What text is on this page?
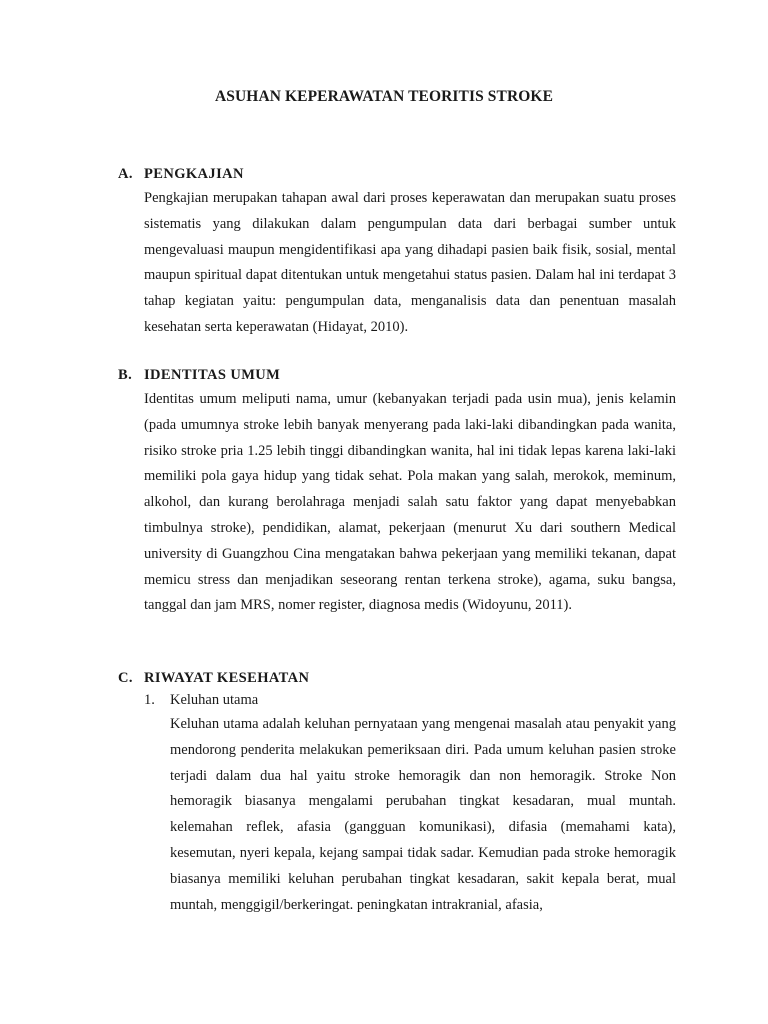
ASUHAN KEPERAWATAN TEORITIS STROKE
A. PENGKAJIAN
Pengkajian merupakan tahapan awal dari proses keperawatan dan merupakan suatu proses sistematis yang dilakukan dalam pengumpulan data dari berbagai sumber untuk mengevaluasi maupun mengidentifikasi apa yang dihadapi pasien baik fisik, sosial, mental maupun spiritual dapat ditentukan untuk mengetahui status pasien. Dalam hal ini terdapat 3 tahap kegiatan yaitu: pengumpulan data, menganalisis data dan penentuan masalah kesehatan serta keperawatan (Hidayat, 2010).
B. IDENTITAS UMUM
Identitas umum meliputi nama, umur (kebanyakan terjadi pada usin mua), jenis kelamin (pada umumnya stroke lebih banyak menyerang pada laki-laki dibandingkan pada wanita, risiko stroke pria 1.25 lebih tinggi dibandingkan wanita, hal ini tidak lepas karena laki-laki memiliki pola gaya hidup yang tidak sehat. Pola makan yang salah, merokok, meminum, alkohol, dan kurang berolahraga menjadi salah satu faktor yang dapat menyebabkan timbulnya stroke), pendidikan, alamat, pekerjaan (menurut Xu dari southern Medical university di Guangzhou Cina mengatakan bahwa pekerjaan yang memiliki tekanan, dapat memicu stress dan menjadikan seseorang rentan terkena stroke), agama, suku bangsa, tanggal dan jam MRS, nomer register, diagnosa medis (Widoyunu, 2011).
C. RIWAYAT KESEHATAN
1.	Keluhan utama
Keluhan utama adalah keluhan pernyataan yang mengenai masalah atau penyakit yang mendorong penderita melakukan pemeriksaan diri. Pada umum keluhan pasien stroke terjadi dalam dua hal yaitu stroke hemoragik dan non hemoragik. Stroke Non hemoragik biasanya mengalami perubahan tingkat kesadaran, mual muntah. kelemahan reflek, afasia (gangguan komunikasi), difasia (memahami kata), kesemutan, nyeri kepala, kejang sampai tidak sadar. Kemudian pada stroke hemoragik biasanya memiliki keluhan perubahan tingkat kesadaran, sakit kepala berat, mual muntah, menggigil/berkeringat. peningkatan intrakranial, afasia,
